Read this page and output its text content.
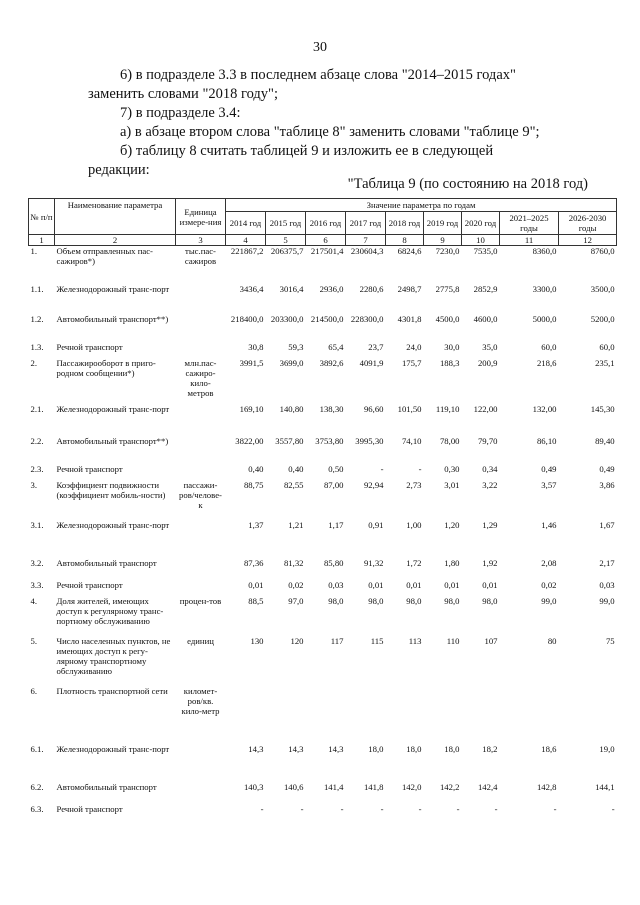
30
6) в подразделе 3.3 в последнем абзаце слова "2014–2015 годах"
заменить словами "2018 году";
7) в подразделе 3.4:
а) в абзаце втором слова "таблице 8" заменить словами "таблице 9";
б) таблицу 8 считать таблицей 9 и изложить ее в следующей
редакции:
"Таблица 9 (по состоянию на 2018 год)
№ п/п	Наименование параметра	Единица измере-ния	Значение параметра по годам								
			2014 год	2015 год	2016 год	2017 год	2018 год	2019 год	2020 год	2021–2025 годы	2026-2030 годы
1	2	3	4	5	6	7	8	9	10	11	12
1.	Объем отправленных пас-сажиров*)	тыс.пас-сажиров	221867,2	206375,7	217501,4	230604,3	6824,6	7230,0	7535,0	8360,0	8760,0
1.1.	Железнодорожный транс-порт		3436,4	3016,4	2936,0	2280,6	2498,7	2775,8	2852,9	3300,0	3500,0
1.2.	Автомобильный транспорт**)		218400,0	203300,0	214500,0	228300,0	4301,8	4500,0	4600,0	5000,0	5200,0
1.3.	Речной транспорт		30,8	59,3	65,4	23,7	24,0	30,0	35,0	60,0	60,0
2.	Пассажирооборот в приго-родном сообщении*)	млн.пас-сажиро-кило-метров	3991,5	3699,0	3892,6	4091,9	175,7	188,3	200,9	218,6	235,1
2.1.	Железнодорожный транс-порт		169,10	140,80	138,30	96,60	101,50	119,10	122,00	132,00	145,30
2.2.	Автомобильный транспорт**)		3822,00	3557,80	3753,80	3995,30	74,10	78,00	79,70	86,10	89,40
2.3.	Речной транспорт		0,40	0,40	0,50	-	-	0,30	0,34	0,49	0,49
3.	Коэффициент подвижности (коэффициент мобиль-ности)	пассажи-ров/челове-к	88,75	82,55	87,00	92,94	2,73	3,01	3,22	3,57	3,86
3.1.	Железнодорожный транс-порт		1,37	1,21	1,17	0,91	1,00	1,20	1,29	1,46	1,67
3.2.	Автомобильный транспорт		87,36	81,32	85,80	91,32	1,72	1,80	1,92	2,08	2,17
3.3.	Речной транспорт		0,01	0,02	0,03	0,01	0,01	0,01	0,01	0,02	0,03
4.	Доля жителей, имеющих доступ к регулярному транс-портному обслуживанию	процен-тов	88,5	97,0	98,0	98,0	98,0	98,0	98,0	99,0	99,0
5.	Число населенных пунктов, не имеющих доступ к регу-лярному транспортному обслуживанию	единиц	130	120	117	115	113	110	107	80	75
6.	Плотность транспортной сети	километ-ров/кв. кило-метр									
6.1.	Железнодорожный транс-порт		14,3	14,3	14,3	18,0	18,0	18,0	18,2	18,6	19,0
6.2.	Автомобильный транспорт		140,3	140,6	141,4	141,8	142,0	142,2	142,4	142,8	144,1
6.3.	Речной транспорт		-	-	-	-	-	-	-	-	-
